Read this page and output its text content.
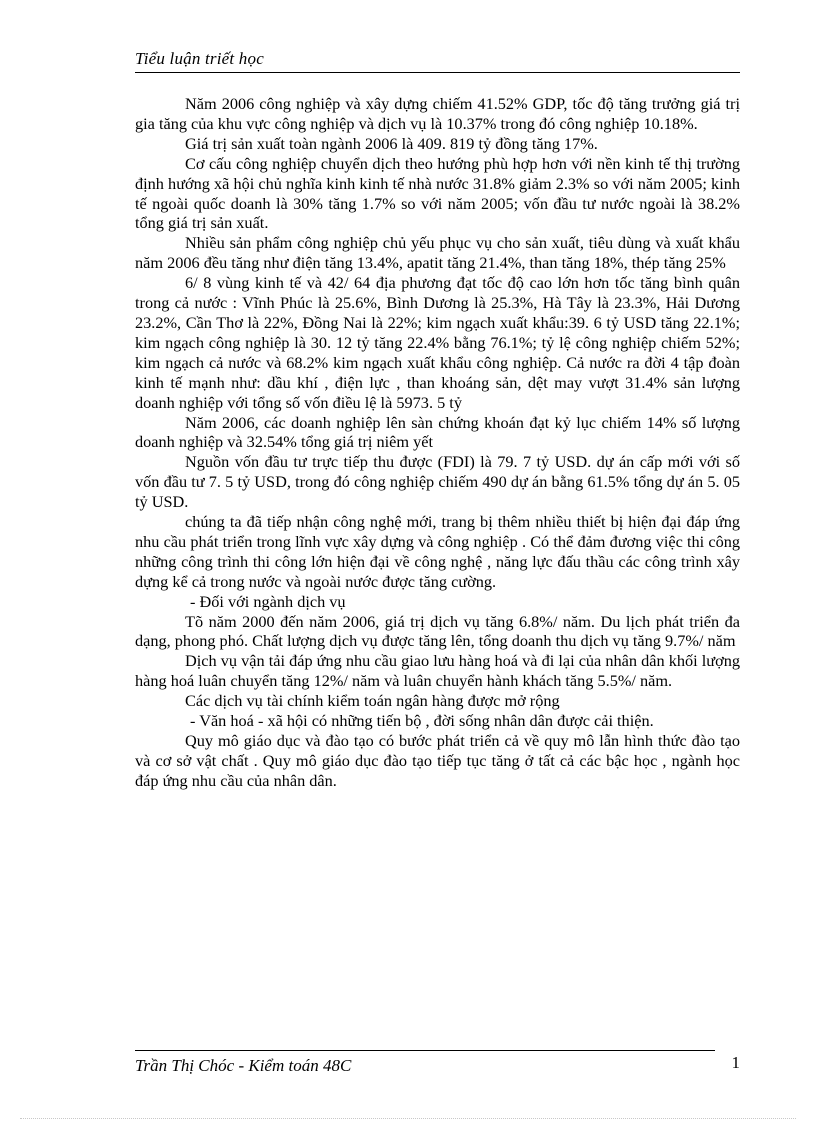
Tiểu luận triết học

Năm 2006 công nghiệp và xây dựng chiếm 41.52% GDP, tốc độ tăng trưởng giá trị gia tăng của khu vực công nghiệp và dịch vụ là 10.37% trong đó công nghiệp 10.18%.

Giá trị sản xuất toàn ngành 2006 là 409. 819 tỷ đồng tăng 17%.

Cơ cấu công nghiệp chuyển dịch theo hướng phù hợp hơn với nền kinh tế thị trường định hướng xã hội chủ nghĩa kinh kinh tế nhà nước 31.8% giảm 2.3% so với năm 2005; kinh tế ngoài quốc doanh là 30% tăng 1.7% so với năm 2005; vốn đầu tư nước ngoài là 38.2% tổng giá trị sản xuất.

Nhiều sản phẩm công nghiệp chủ yếu phục vụ cho sản xuất, tiêu dùng và xuất khẩu năm 2006 đều tăng như điện tăng 13.4%, apatit tăng 21.4%, than tăng 18%, thép tăng 25%

6/ 8 vùng kinh tế và 42/ 64 địa phương đạt tốc độ cao lớn hơn tốc tăng bình quân trong cả nước : Vĩnh Phúc là 25.6%, Bình Dương là 25.3%, Hà Tây là 23.3%, Hải Dương 23.2%, Cần Thơ là 22%, Đồng Nai là 22%; kim ngạch xuất khẩu:39. 6 tỷ USD tăng 22.1%; kim ngạch công nghiệp là 30. 12 tỷ tăng 22.4% bằng 76.1%; tỷ lệ công nghiệp chiếm 52%; kim ngạch cả nước và 68.2% kim ngạch xuất khẩu công nghiệp. Cả nước ra đời 4 tập đoàn kinh tế mạnh như: dầu khí , điện lực , than khoáng sản, dệt may vượt 31.4% sản lượng doanh nghiệp với tổng số vốn điều lệ là 5973. 5 tỷ

Năm 2006, các doanh nghiệp lên sàn chứng khoán đạt kỷ lục chiếm 14% số lượng doanh nghiệp và 32.54% tổng giá trị niêm yết

Nguồn vốn đầu tư trực tiếp thu được (FDI) là 79. 7 tỷ USD. dự án cấp mới với số vốn đầu tư 7. 5 tỷ USD, trong đó công nghiệp chiếm 490 dự án bằng 61.5% tổng dự án 5. 05 tỷ USD.

chúng ta đã tiếp nhận công nghệ mới, trang bị thêm nhiều thiết bị hiện đại đáp ứng nhu cầu phát triển trong lĩnh vực xây dựng và công nghiệp . Có thể đảm đương việc thi công những công trình thi công lớn hiện đại về công nghệ , năng lực đấu thầu các công trình xây dựng kể cả trong nước và ngoài nước được tăng cường.

- Đối với ngành dịch vụ

Tõ năm 2000 đến năm 2006, giá trị dịch vụ tăng 6.8%/ năm. Du lịch phát triển đa dạng, phong phó. Chất lượng dịch vụ được tăng lên, tổng doanh thu dịch vụ tăng 9.7%/ năm

Dịch vụ vận tải đáp ứng nhu cầu giao lưu hàng hoá và đi lại của nhân dân khối lượng hàng hoá luân chuyển tăng 12%/ năm và luân chuyển hành khách tăng 5.5%/ năm.

Các dịch vụ tài chính kiểm toán ngân hàng được mở rộng

- Văn hoá - xã hội có những tiến bộ , đời sống nhân dân được cải thiện.

Quy mô giáo dục và đào tạo có bước phát triển cả về quy mô lẫn hình thức đào tạo và cơ sở vật chất . Quy mô giáo dục đào tạo tiếp tục tăng ở tất cả các bậc học , ngành học đáp ứng nhu cầu của nhân dân.

Trần Thị Chóc - Kiểm toán 48C	1
